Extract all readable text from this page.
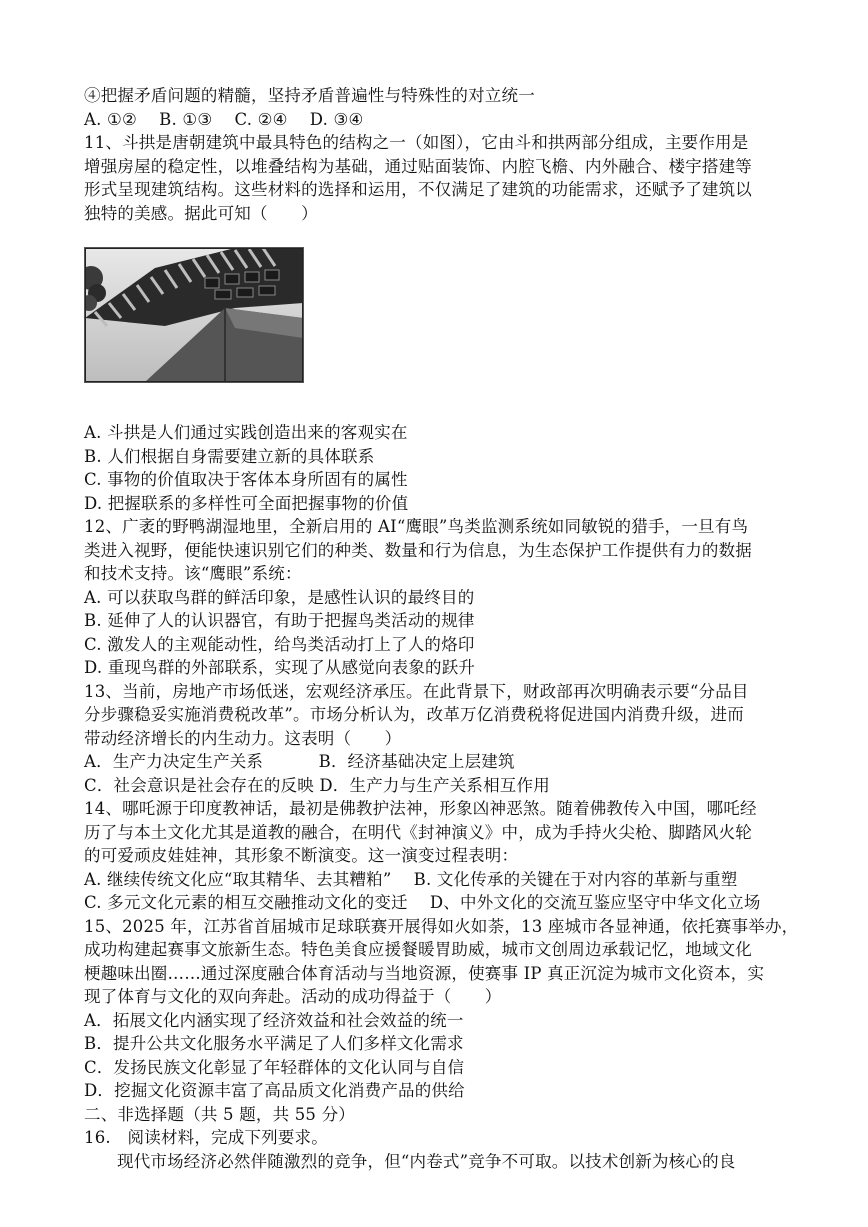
④把握矛盾问题的精髓，坚持矛盾普遍性与特殊性的对立统一
A. ①②　 B. ①③　 C. ②④　 D. ③④
11、斗拱是唐朝建筑中最具特色的结构之一（如图），它由斗和拱两部分组成，主要作用是
增强房屋的稳定性，以堆叠结构为基础，通过贴面装饰、内腔飞檐、内外融合、楼宇搭建等
形式呈现建筑结构。这些材料的选择和运用，不仅满足了建筑的功能需求，还赋予了建筑以
独特的美感。据此可知（　　）
A. 斗拱是人们通过实践创造出来的客观实在
B. 人们根据自身需要建立新的具体联系
C. 事物的价值取决于客体本身所固有的属性
D. 把握联系的多样性可全面把握事物的价值
12、广袤的野鸭湖湿地里，全新启用的 AI“鹰眼”鸟类监测系统如同敏锐的猎手，一旦有鸟
类进入视野，便能快速识别它们的种类、数量和行为信息，为生态保护工作提供有力的数据
和技术支持。该“鹰眼”系统：
A. 可以获取鸟群的鲜活印象，是感性认识的最终目的
B. 延伸了人的认识器官，有助于把握鸟类活动的规律
C. 激发人的主观能动性，给鸟类活动打上了人的烙印
D. 重现鸟群的外部联系，实现了从感觉向表象的跃升
13、当前，房地产市场低迷，宏观经济承压。在此背景下，财政部再次明确表示要“分品目
分步骤稳妥实施消费税改革”。市场分析认为，改革万亿消费税将促进国内消费升级，进而
带动经济增长的内生动力。这表明（　　）
A．生产力决定生产关系　　　 B．经济基础决定上层建筑
C．社会意识是社会存在的反映 D．生产力与生产关系相互作用
14、哪吒源于印度教神话，最初是佛教护法神，形象凶神恶煞。随着佛教传入中国，哪吒经
历了与本土文化尤其是道教的融合，在明代《封神演义》中，成为手持火尖枪、脚踏风火轮
的可爱顽皮娃娃神，其形象不断演变。这一演变过程表明：
A. 继续传统文化应“取其精华、去其糟粕”　 B. 文化传承的关键在于对内容的革新与重塑
C. 多元文化元素的相互交融推动文化的变迁　 D、中外文化的交流互鉴应坚守中华文化立场
15、2025 年，江苏省首届城市足球联赛开展得如火如荼，13 座城市各显神通，依托赛事举办，
成功构建起赛事文旅新生态。特色美食应援餐暖胃助威，城市文创周边承载记忆，地域文化
梗趣味出圈……通过深度融合体育活动与当地资源，使赛事 IP 真正沉淀为城市文化资本，实
现了体育与文化的双向奔赴。活动的成功得益于（　　）
A．拓展文化内涵实现了经济效益和社会效益的统一
B．提升公共文化服务水平满足了人们多样文化需求
C．发扬民族文化彰显了年轻群体的文化认同与自信
D．挖掘文化资源丰富了高品质文化消费产品的供给
二、非选择题（共 5 题，共 55 分）
16.　阅读材料，完成下列要求。
现代市场经济必然伴随激烈的竞争，但“内卷式”竞争不可取。以技术创新为核心的良
